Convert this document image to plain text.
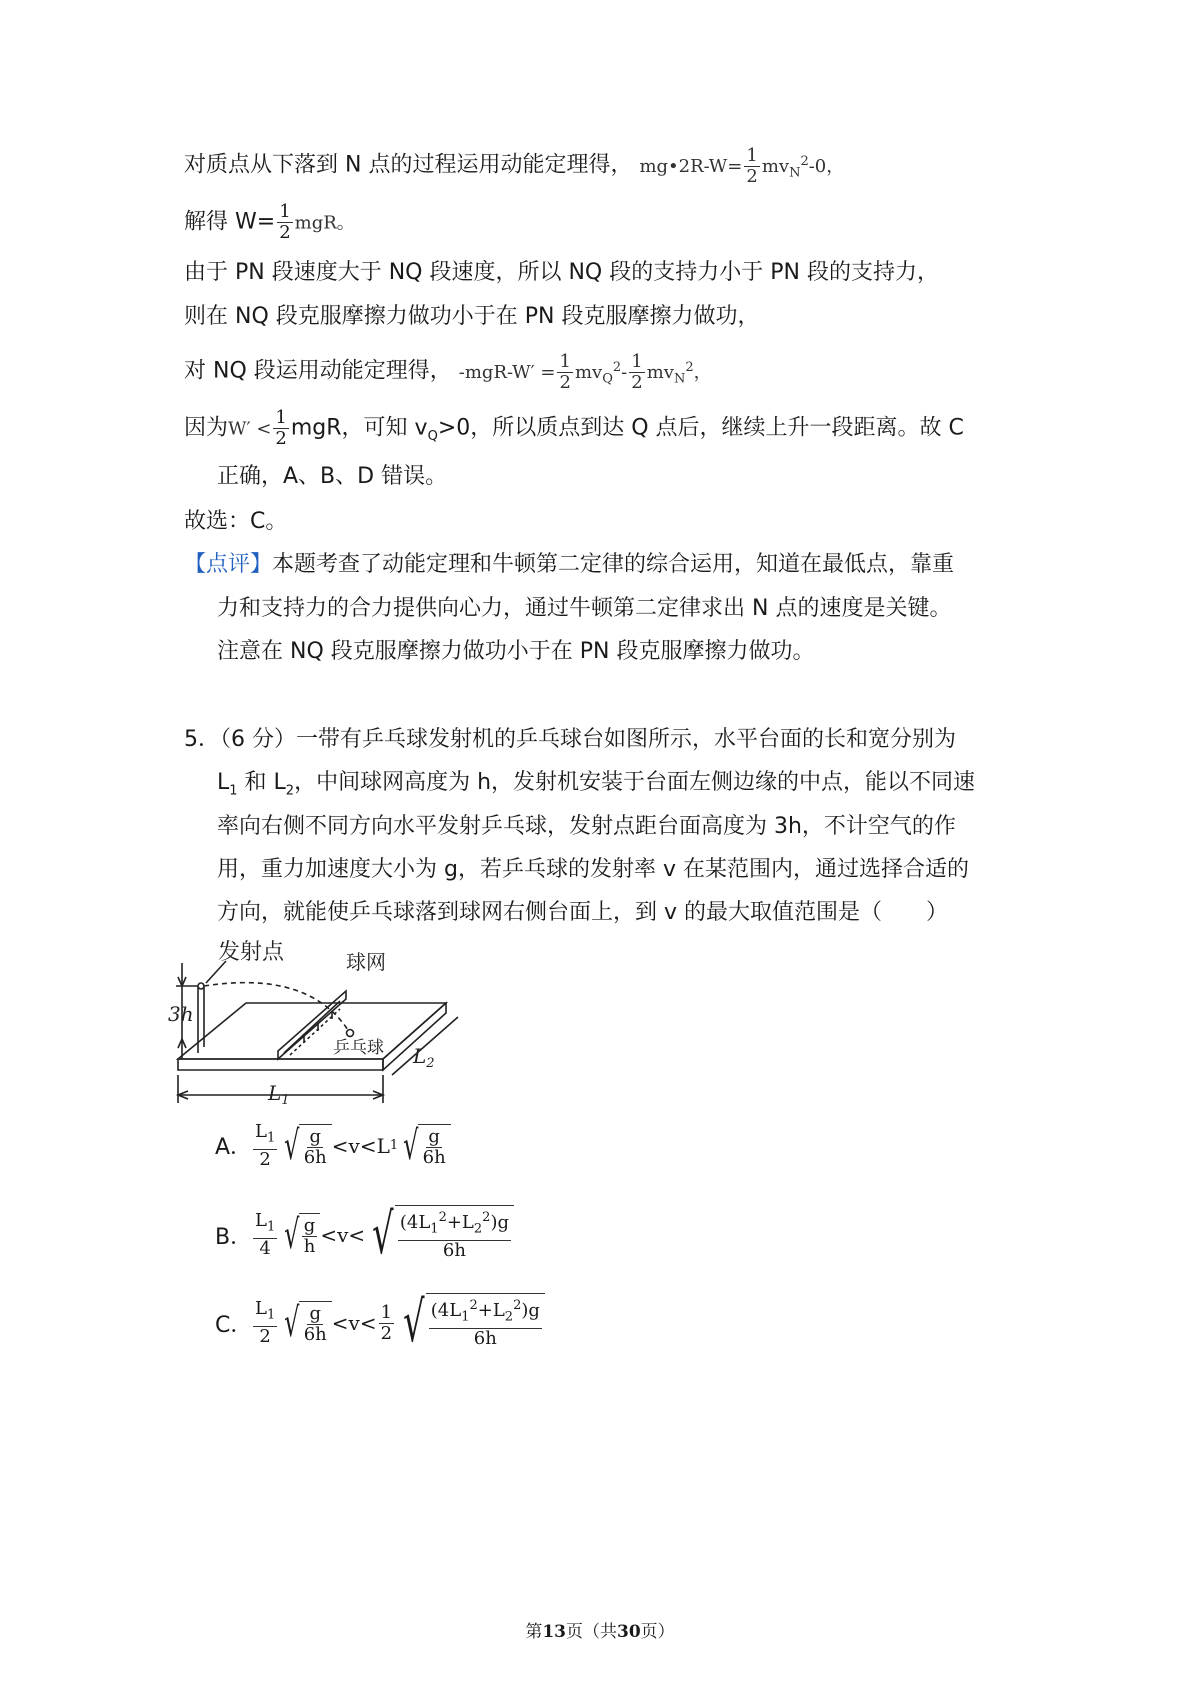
对质点从下落到 N 点的过程运用动能定理得， mg•2R-W= $\frac{1}{2} mv_N^2-0$，
解得 $W= \frac{1}{2}$ mgR。
由于 PN 段速度大于 NQ 段速度，所以 NQ 段的支持力小于 PN 段的支持力，
则在 NQ 段克服摩擦力做功小于在 PN 段克服摩擦力做功，
对 NQ 段运用动能定理得， $-mgR-W' = \frac{1}{2} mv_Q^2- \frac{1}{2} mv_N^2$，
因为$W' < \frac{1}{2}$ mgR，可知 $v_Q>0$，所以质点到达 Q 点后，继续上升一段距离。故 C
正确，A、B、D 错误。
故选：C。
【点评】本题考查了动能定理和牛顿第二定律的综合运用，知道在最低点，靠重
力和支持力的合力提供向心力，通过牛顿第二定律求出 N 点的速度是关键。
注意在 NQ 段克服摩擦力做功小于在 PN 段克服摩擦力做功。
5．（6 分）一带有乒乓球发射机的乒乓球台如图所示，水平台面的长和宽分别为
$L_1$ 和 $L_2$，中间球网高度为 h，发射机安装于台面左侧边缘的中点，能以不同速
率向右侧不同方向水平发射乒乓球，发射点距台面高度为 3h，不计空气的作
用，重力加速度大小为 g，若乒乓球的发射率 v 在某范围内，通过选择合适的
方向，就能使乒乓球落到球网右侧台面上，到 v 的最大取值范围是（　　）
发射点	球网
乒乓球
3h
$L_1$
$L_2$
A． $\frac{L_1}{2}$ √ $\frac{g}{6h} <v<L$ 1 √ $\frac{g}{6h}$
B． $\frac{L_1}{4}$ √ $\frac{g}{h} <v<$ √ $\frac{(4L_1^2+L_2^2)g}{6h}$
C． $\frac{L_1}{2}$ √ $\frac{g}{6h} <v< \frac{1}{2}$ √ $\frac{(4L_1^2+L_2^2)g}{6h}$
第13页（共30页）
